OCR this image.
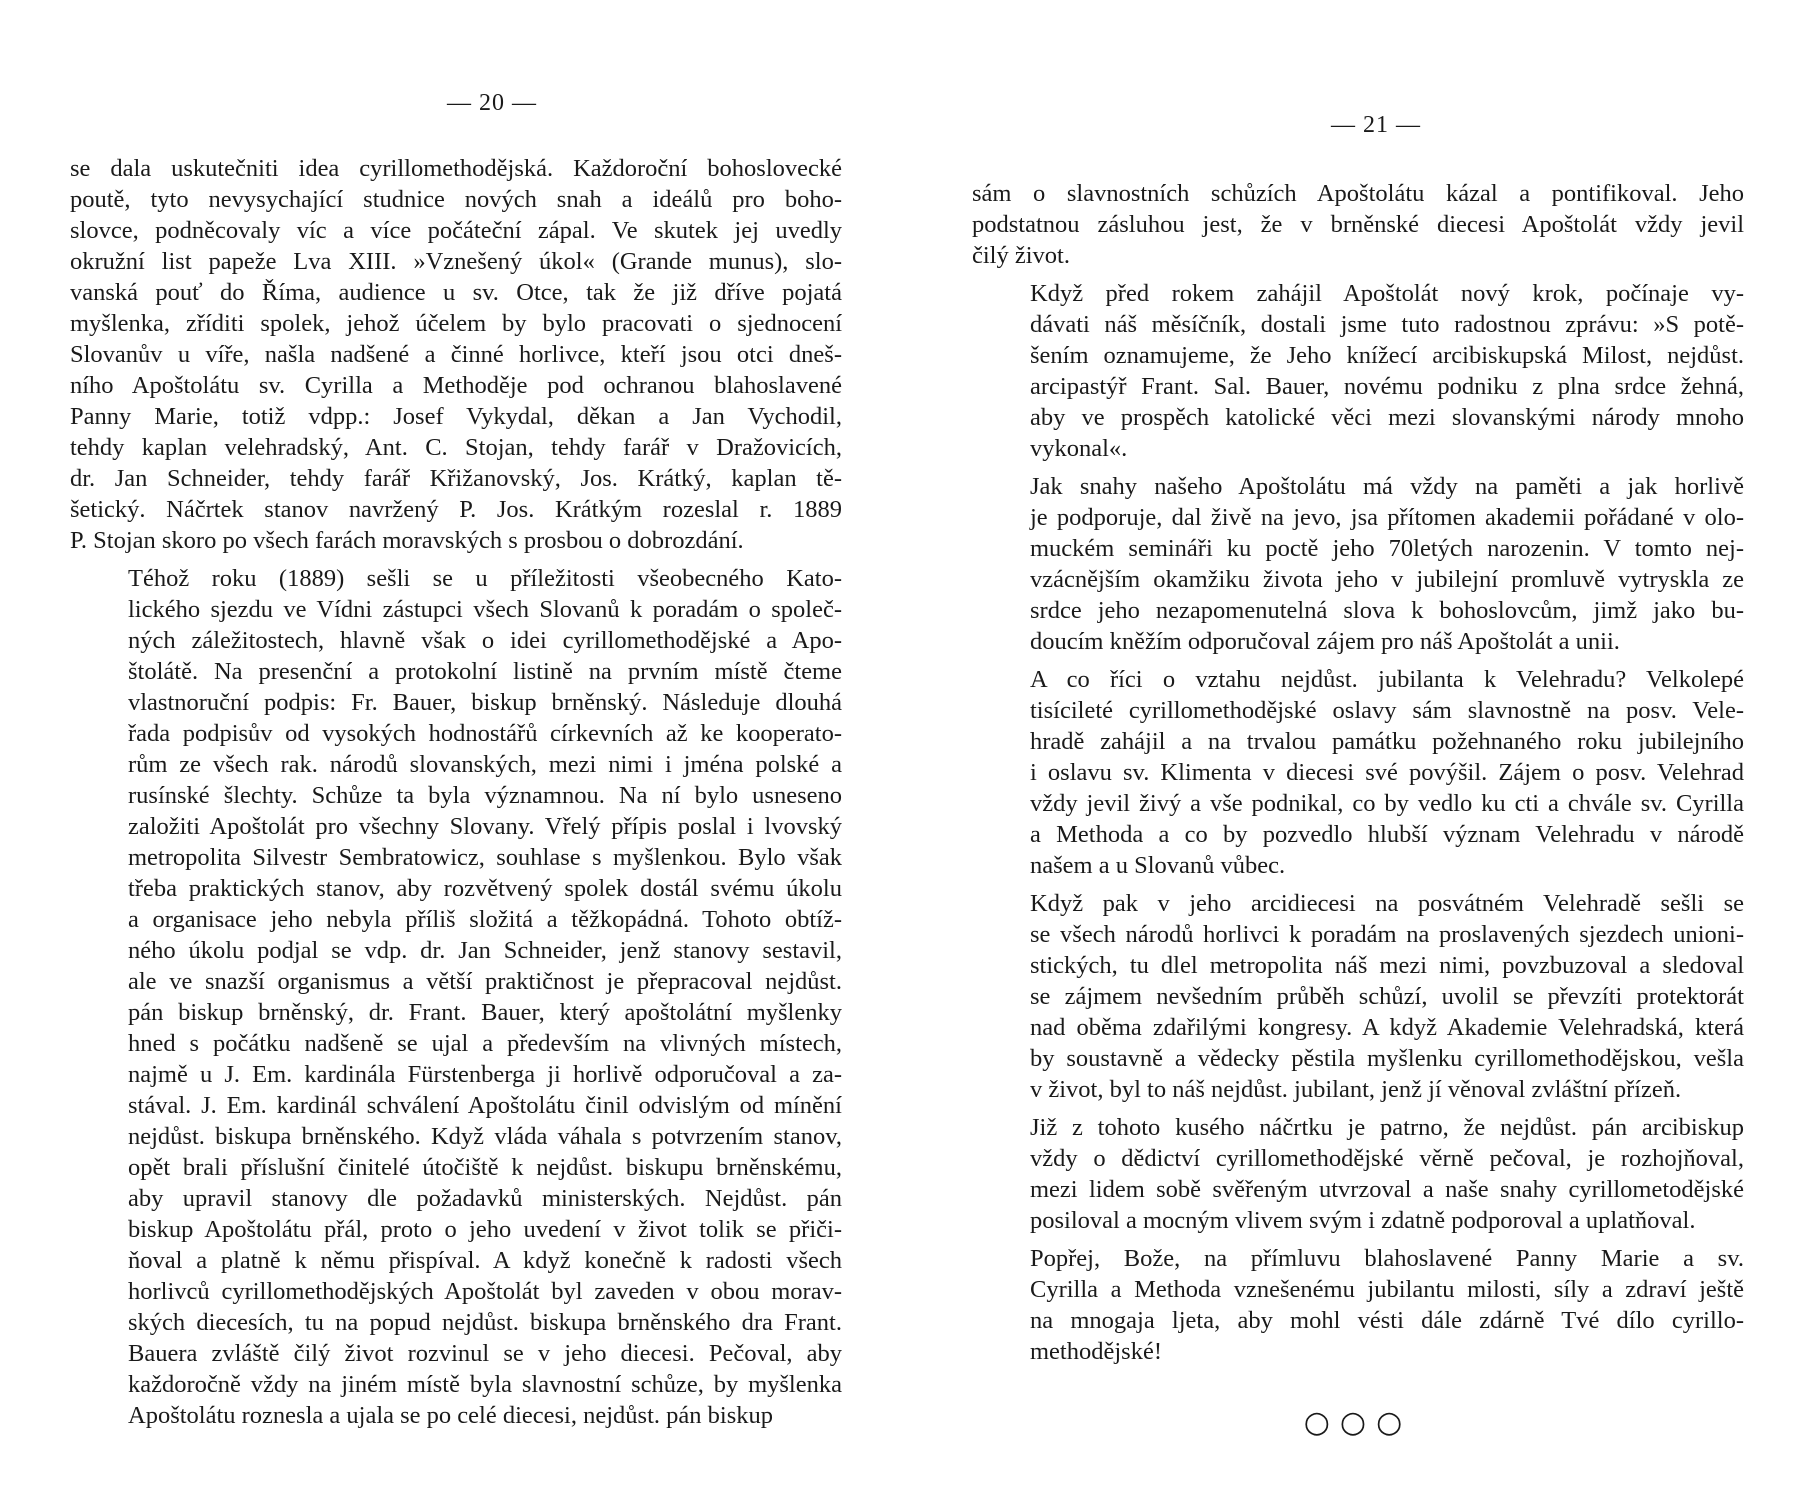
— 20 —
se dala uskutečniti idea cyrillomethodějská. Každoroční bohoslovecké
poutě, tyto nevysychající studnice nových snah a ideálů pro boho-
slovce, podněcovaly víc a více počáteční zápal. Ve skutek jej uvedly
okružní list papeže Lva XIII. »Vznešený úkol« (Grande munus), slo-
vanská pouť do Říma, audience u sv. Otce, tak že již dříve pojatá
myšlenka, zříditi spolek, jehož účelem by bylo pracovati o sjednocení
Slovanův u víře, našla nadšené a činné horlivce, kteří jsou otci dneš-
ního Apoštolátu sv. Cyrilla a Methoděje pod ochranou blahoslavené
Panny Marie, totiž vdpp.: Josef Vykydal, děkan a Jan Vychodil,
tehdy kaplan velehradský, Ant. C. Stojan, tehdy farář v Dražovicích,
dr. Jan Schneider, tehdy farář Křižanovský, Jos. Krátký, kaplan tě-
šetický. Náčrtek stanov navržený P. Jos. Krátkým rozeslal r. 1889
P. Stojan skoro po všech farách moravských s prosbou o dobrozdání.
Téhož roku (1889) sešli se u příležitosti všeobecného Kato-
lického sjezdu ve Vídni zástupci všech Slovanů k poradám o společ-
ných záležitostech, hlavně však o idei cyrillomethodějské a Apo-
štolátě. Na presenční a protokolní listině na prvním místě čteme
vlastnoruční podpis: Fr. Bauer, biskup brněnský. Následuje dlouhá
řada podpisův od vysokých hodnostářů církevních až ke kooperato-
rům ze všech rak. národů slovanských, mezi nimi i jména polské a
rusínské šlechty. Schůze ta byla významnou. Na ní bylo usneseno
založiti Apoštolát pro všechny Slovany. Vřelý přípis poslal i lvovský
metropolita Silvestr Sembratowicz, souhlase s myšlenkou. Bylo však
třeba praktických stanov, aby rozvětvený spolek dostál svému úkolu
a organisace jeho nebyla příliš složitá a těžkopádná. Tohoto obtíž-
ného úkolu podjal se vdp. dr. Jan Schneider, jenž stanovy sestavil,
ale ve snazší organismus a větší praktičnost je přepracoval nejdůst.
pán biskup brněnský, dr. Frant. Bauer, který apoštolátní myšlenky
hned s počátku nadšeně se ujal a především na vlivných místech,
najmě u J. Em. kardinála Fürstenberga ji horlivě odporučoval a za-
stával. J. Em. kardinál schválení Apoštolátu činil odvislým od mínění
nejdůst. biskupa brněnského. Když vláda váhala s potvrzením stanov,
opět brali příslušní činitelé útočiště k nejdůst. biskupu brněnskému,
aby upravil stanovy dle požadavků ministerských. Nejdůst. pán
biskup Apoštolátu přál, proto o jeho uvedení v život tolik se přiči-
ňoval a platně k němu přispíval. A když konečně k radosti všech
horlivců cyrillomethodějských Apoštolát byl zaveden v obou morav-
ských diecesích, tu na popud nejdůst. biskupa brněnského dra Frant.
Bauera zvláště čilý život rozvinul se v jeho diecesi. Pečoval, aby
každoročně vždy na jiném místě byla slavnostní schůze, by myšlenka
Apoštolátu roznesla a ujala se po celé diecesi, nejdůst. pán biskup
— 21 —
sám o slavnostních schůzích Apoštolátu kázal a pontifikoval. Jeho
podstatnou zásluhou jest, že v brněnské diecesi Apoštolát vždy jevil
čilý život.
Když před rokem zahájil Apoštolát nový krok, počínaje vy-
dávati náš měsíčník, dostali jsme tuto radostnou zprávu: »S potě-
šením oznamujeme, že Jeho knížecí arcibiskupská Milost, nejdůst.
arcipastýř Frant. Sal. Bauer, novému podniku z plna srdce žehná,
aby ve prospěch katolické věci mezi slovanskými národy mnoho
vykonal«.
Jak snahy našeho Apoštolátu má vždy na paměti a jak horlivě
je podporuje, dal živě na jevo, jsa přítomen akademii pořádané v olo-
muckém semináři ku poctě jeho 70letých narozenin. V tomto nej-
vzácnějším okamžiku života jeho v jubilejní promluvě vytryskla ze
srdce jeho nezapomenutelná slova k bohoslovcům, jimž jako bu-
doucím kněžím odporučoval zájem pro náš Apoštolát a unii.
A co říci o vztahu nejdůst. jubilanta k Velehradu? Velkolepé
tisícileté cyrillomethodějské oslavy sám slavnostně na posv. Vele-
hradě zahájil a na trvalou památku požehnaného roku jubilejního
i oslavu sv. Klimenta v diecesi své povýšil. Zájem o posv. Velehrad
vždy jevil živý a vše podnikal, co by vedlo ku cti a chvále sv. Cyrilla
a Methoda a co by pozvedlo hlubší význam Velehradu v národě
našem a u Slovanů vůbec.
Když pak v jeho arcidiecesi na posvátném Velehradě sešli se
se všech národů horlivci k poradám na proslavených sjezdech unioni-
stických, tu dlel metropolita náš mezi nimi, povzbuzoval a sledoval
se zájmem nevšedním průběh schůzí, uvolil se převzíti protektorát
nad oběma zdařilými kongresy. A když Akademie Velehradská, která
by soustavně a vědecky pěstila myšlenku cyrillomethodějskou, vešla
v život, byl to náš nejdůst. jubilant, jenž jí věnoval zvláštní přízeň.
Již z tohoto kusého náčrtku je patrno, že nejdůst. pán arcibiskup
vždy o dědictví cyrillomethodějské věrně pečoval, je rozhojňoval,
mezi lidem sobě svěřeným utvrzoval a naše snahy cyrillometodějské
posiloval a mocným vlivem svým i zdatně podporoval a uplatňoval.
Popřej, Bože, na přímluvu blahoslavené Panny Marie a sv.
Cyrilla a Methoda vznešenému jubilantu milosti, síly a zdraví ještě
na mnogaja ljeta, aby mohl vésti dále zdárně Tvé dílo cyrillo-
methodějské!
○○○
